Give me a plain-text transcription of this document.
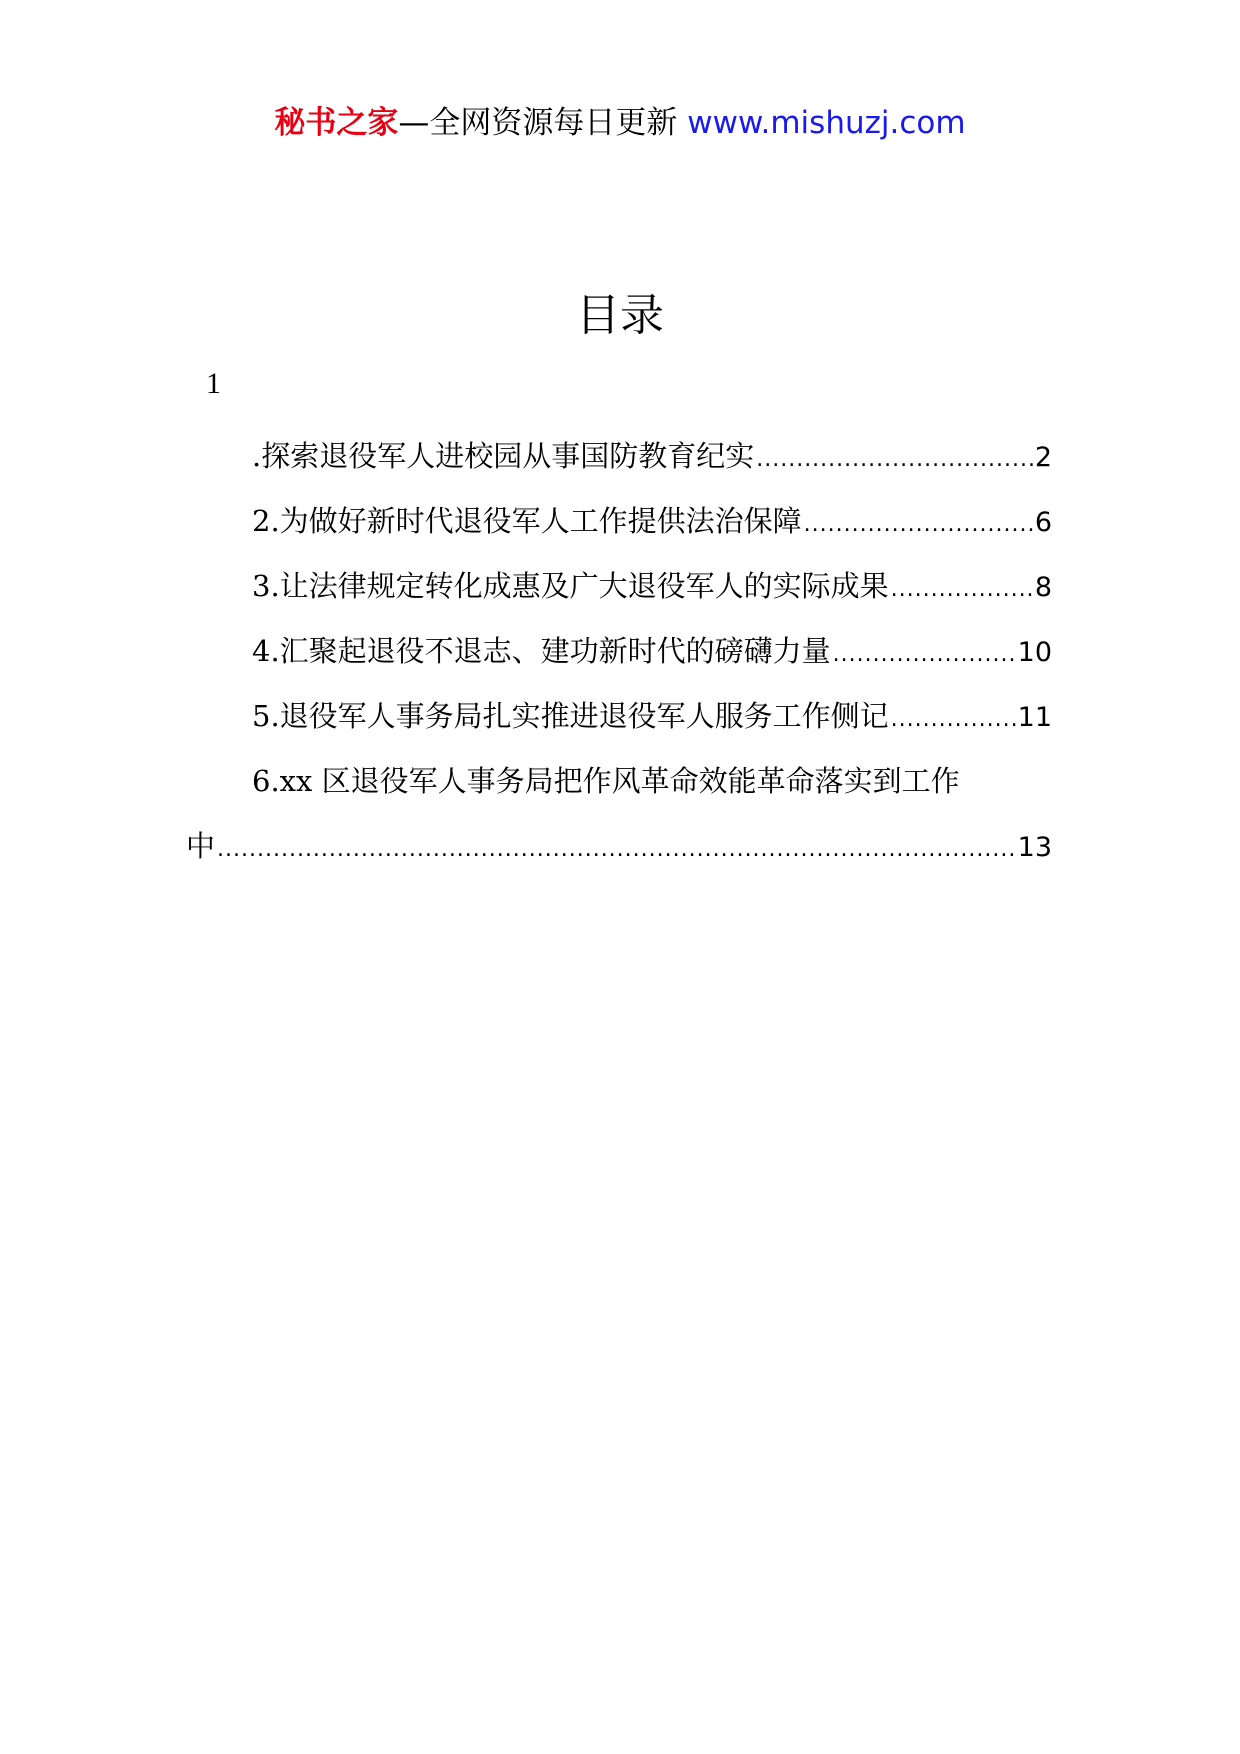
秘书之家—全网资源每日更新 www.mishuzj.com
目录
1
.探索退役军人进校园从事国防教育纪实 .....	2
2.为做好新时代退役军人工作提供法治保障 .....	6
3.让法律规定转化成惠及广大退役军人的实际成果 .....	8
4.汇聚起退役不退志、建功新时代的磅礴力量 .....	10
5.退役军人事务局扎实推进退役军人服务工作侧记 .....	11
6.xx 区退役军人事务局把作风革命效能革命落实到工作
中 .....	13
